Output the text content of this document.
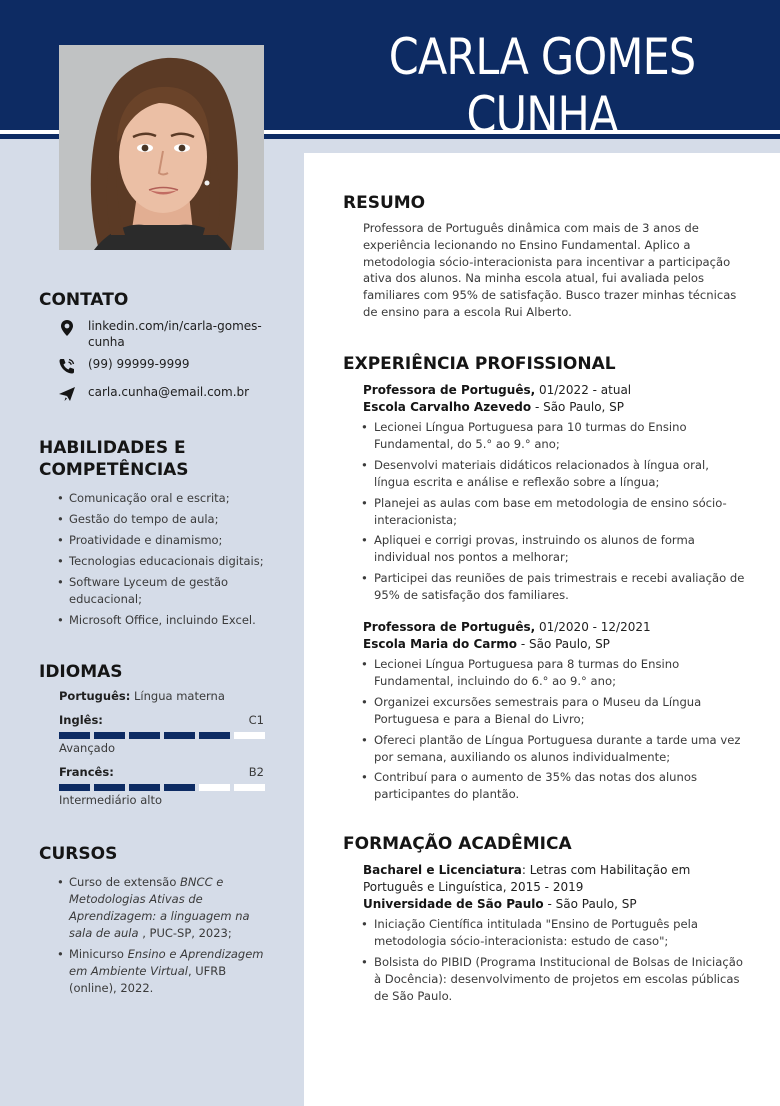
CARLA GOMES CUNHA
CONTATO
linkedin.com/in/carla-gomes-cunha
(99) 99999-9999
carla.cunha@email.com.br
HABILIDADES E COMPETÊNCIAS
• Comunicação oral e escrita;
• Gestão do tempo de aula;
• Proatividade e dinamismo;
• Tecnologias educacionais digitais;
• Software Lyceum de gestão educacional;
• Microsoft Office, incluindo Excel.
IDIOMAS
Português: Língua materna
Inglês:	C1
Avançado
Francês:	B2
Intermediário alto
CURSOS
• Curso de extensão BNCC e Metodologias Ativas de Aprendizagem: a linguagem na sala de aula , PUC-SP, 2023;
• Minicurso Ensino e Aprendizagem em Ambiente Virtual, UFRB (online), 2022.
RESUMO
Professora de Português dinâmica com mais de 3 anos de experiência lecionando no Ensino Fundamental. Aplico a metodologia sócio-interacionista para incentivar a participação ativa dos alunos. Na minha escola atual, fui avaliada pelos familiares com 95% de satisfação. Busco trazer minhas técnicas de ensino para a escola Rui Alberto.
EXPERIÊNCIA PROFISSIONAL
Professora de Português, 01/2022 - atual
Escola Carvalho Azevedo - São Paulo, SP
• Lecionei Língua Portuguesa para 10 turmas do Ensino Fundamental, do 5.° ao 9.° ano;
• Desenvolvi materiais didáticos relacionados à língua oral, língua escrita e análise e reflexão sobre a língua;
• Planejei as aulas com base em metodologia de ensino sócio-interacionista;
• Apliquei e corrigi provas, instruindo os alunos de forma individual nos pontos a melhorar;
• Participei das reuniões de pais trimestrais e recebi avaliação de 95% de satisfação dos familiares.
Professora de Português, 01/2020 - 12/2021
Escola Maria do Carmo - São Paulo, SP
• Lecionei Língua Portuguesa para 8 turmas do Ensino Fundamental, incluindo do 6.° ao 9.° ano;
• Organizei excursões semestrais para o Museu da Língua Portuguesa e para a Bienal do Livro;
• Ofereci plantão de Língua Portuguesa durante a tarde uma vez por semana, auxiliando os alunos individualmente;
• Contribuí para o aumento de 35% das notas dos alunos participantes do plantão.
FORMAÇÃO ACADÊMICA
Bacharel e Licenciatura: Letras com Habilitação em Português e Linguística, 2015 - 2019
Universidade de São Paulo - São Paulo, SP
• Iniciação Científica intitulada "Ensino de Português pela metodologia sócio-interacionista: estudo de caso";
• Bolsista do PIBID (Programa Institucional de Bolsas de Iniciação à Docência): desenvolvimento de projetos em escolas públicas de São Paulo.
